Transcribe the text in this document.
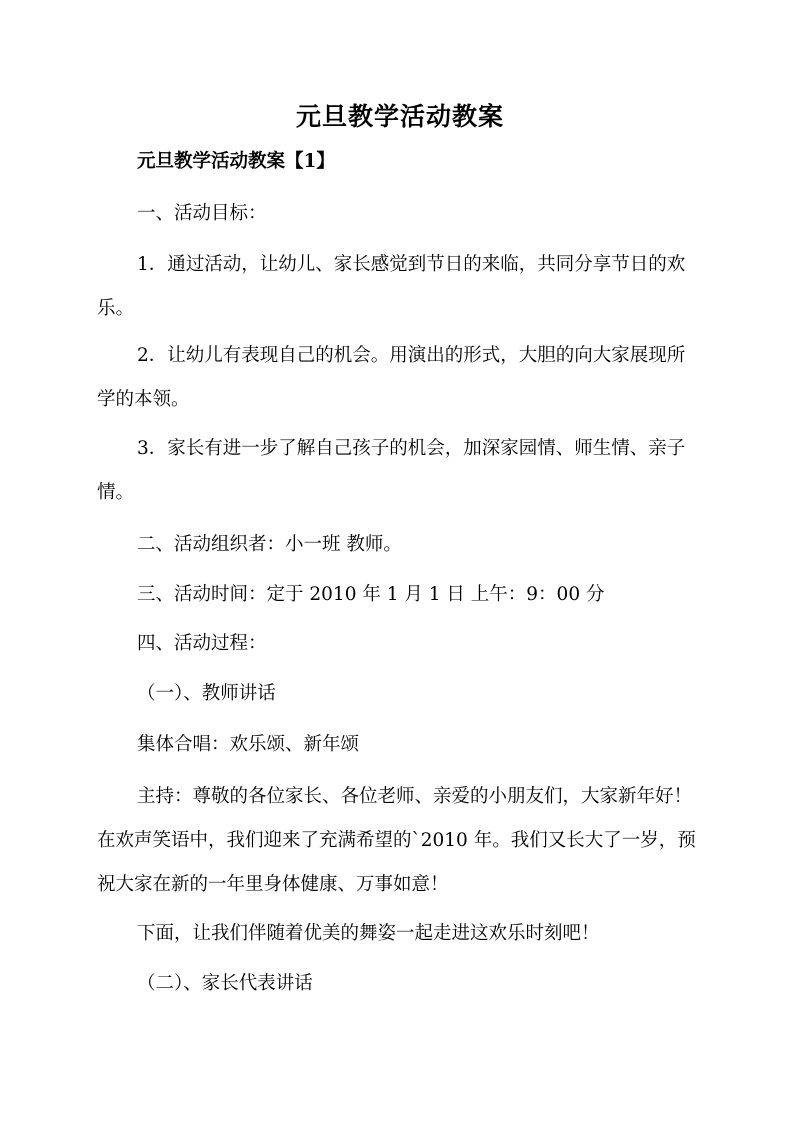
元旦教学活动教案
元旦教学活动教案【1】
一、活动目标：
1．通过活动，让幼儿、家长感觉到节日的来临，共同分享节日的欢
乐。
2．让幼儿有表现自己的机会。用演出的形式，大胆的向大家展现所
学的本领。
3．家长有进一步了解自己孩子的机会，加深家园情、师生情、亲子
情。
二、活动组织者：小一班 教师。
三、活动时间：定于 2010 年 1 月 1 日 上午：9：00 分
四、活动过程：
（一）、教师讲话
集体合唱：欢乐颂、新年颂
主持：尊敬的各位家长、各位老师、亲爱的小朋友们，大家新年好！
在欢声笑语中，我们迎来了充满希望的`2010 年。我们又长大了一岁，预
祝大家在新的一年里身体健康、万事如意！
下面，让我们伴随着优美的舞姿一起走进这欢乐时刻吧！
（二）、家长代表讲话
